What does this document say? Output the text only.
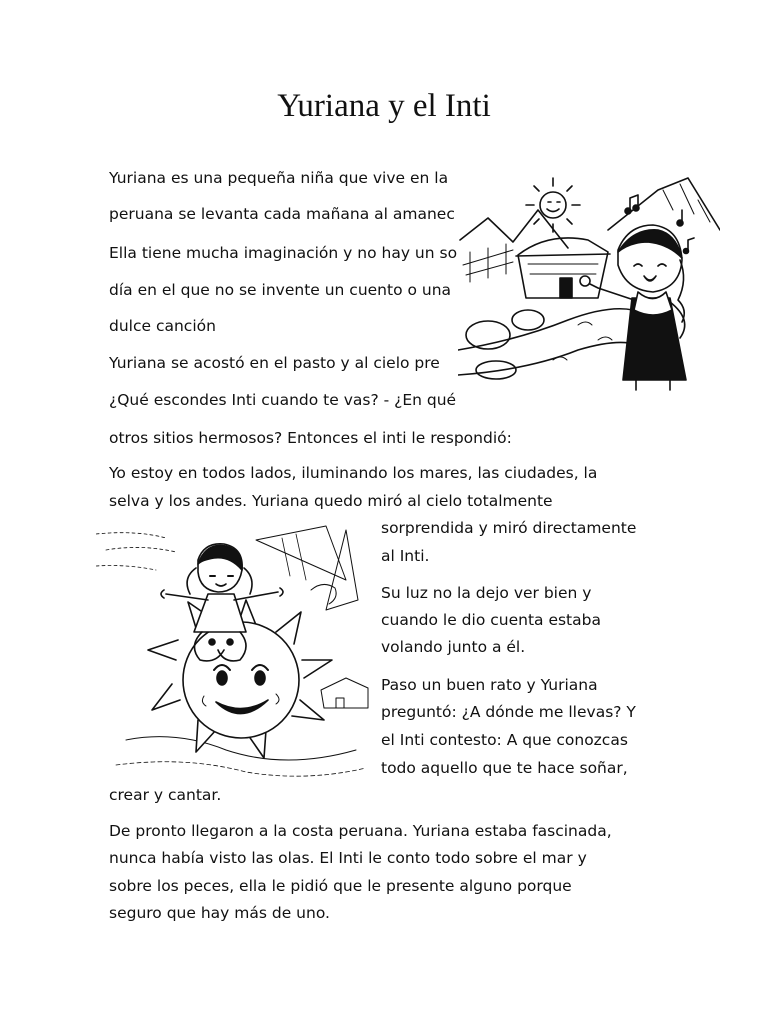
Yuriana y el Inti
Yuriana es una pequeña niña que vive en la
peruana se levanta cada mañana al amanec
Ella tiene mucha imaginación y no hay un so
día en el que no se invente un cuento o una
dulce canción
Yuriana se acostó en el pasto y al cielo pre
¿Qué escondes Inti cuando te vas? - ¿En qué
otros sitios hermosos? Entonces el inti le respondió:
Yo estoy en todos lados, iluminando los mares, las ciudades, la
selva y los andes. Yuriana quedo miró al cielo totalmente
sorprendida y miró directamente
al Inti.
Su luz no la dejo ver bien y
cuando le dio cuenta estaba
volando junto a él.
Paso un buen rato y Yuriana
preguntó: ¿A dónde me llevas? Y
el Inti contesto: A que conozcas
todo aquello que te hace soñar,
crear y cantar.
De pronto llegaron a la costa peruana. Yuriana estaba fascinada,
nunca había visto las olas. El Inti le conto todo sobre el mar y
sobre los peces, ella le pidió que le presente alguno porque
seguro que hay más de uno.
